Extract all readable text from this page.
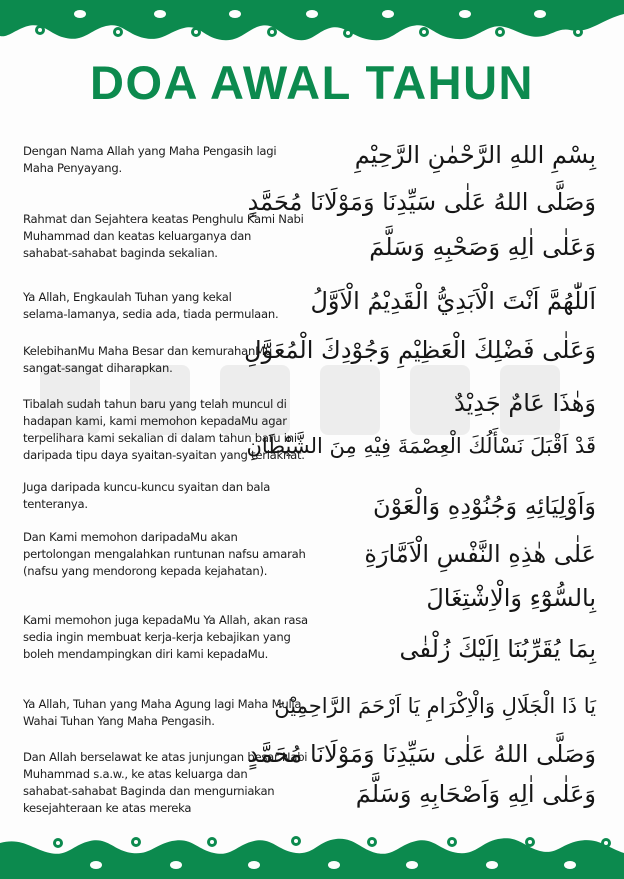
DOA AWAL TAHUN

Dengan Nama Allah yang Maha Pengasih lagi

Maha Penyayang.	بِسْمِ اللهِ الرَّحْمٰنِ الرَّحِيْمِ

Rahmat dan Sejahtera keatas Penghulu Kami Nabi

Muhammad dan keatas keluarganya dan

sahabat-sahabat baginda sekalian.

وَصَلَّى اللهُ عَلٰى سَيِّدِنَا وَمَوْلَانَا مُحَمَّدٍ
وَعَلٰى اٰلِهِ وَصَحْبِهِ وَسَلَّمَ

Ya Allah, Engkaulah Tuhan yang kekal

selama-lamanya, sedia ada, tiada permulaan.	اَللّٰهُمَّ اَنْتَ الْاَبَدِيُّ الْقَدِيْمُ الْاَوَّلُ

KelebihanMu Maha Besar dan kemurahanMu

sangat-sangat diharapkan.

وَعَلٰى فَضْلِكَ الْعَظِيْمِ وَجُوْدِكَ الْمُعَوَّلِ

Tibalah sudah tahun baru yang telah muncul di

hadapan kami, kami memohon kepadaMu agar

terpelihara kami sekalian di dalam tahun baru ini

daripada tipu daya syaitan-syaitan yang terlaknat.

وَهٰذَا عَامٌ جَدِيْدٌ
قَدْ اَقْبَلَ نَسْأَلُكَ الْعِصْمَةَ فِيْهِ مِنَ الشَّيْطَانِ

Juga daripada kuncu-kuncu syaitan dan bala

tenteranya.	وَاَوْلِيَائِهِ وَجُنُوْدِهِ وَالْعَوْنَ

Dan Kami memohon daripadaMu akan

pertolongan mengalahkan runtunan nafsu amarah

(nafsu yang mendorong kepada kejahatan).

عَلٰى هٰذِهِ النَّفْسِ الْاَمَّارَةِ
بِالسُّوْٓءِ وَالْاِشْتِغَالَ

Kami memohon juga kepadaMu Ya Allah, akan rasa

sedia ingin membuat kerja-kerja kebajikan yang

boleh mendampingkan diri kami kepadaMu.	بِمَا يُقَرِّبُنَا اِلَيْكَ زُلْفٰى

Ya Allah, Tuhan yang Maha Agung lagi Maha Mulia,

Wahai Tuhan Yang Maha Pengasih.

يَا ذَا الْجَلَالِ وَالْاِكْرَامِ يَا اَرْحَمَ الرَّاحِمِيْنَ

Dan Allah berselawat ke atas junjungan besar Nabi

Muhammad s.a.w., ke atas keluarga dan

sahabat-sahabat Baginda dan mengurniakan

kesejahteraan ke atas mereka

وَصَلَّى اللهُ عَلٰى سَيِّدِنَا وَمَوْلَانَا مُحَمَّدٍ
وَعَلٰى اٰلِهِ وَاَصْحَابِهِ وَسَلَّمَ
